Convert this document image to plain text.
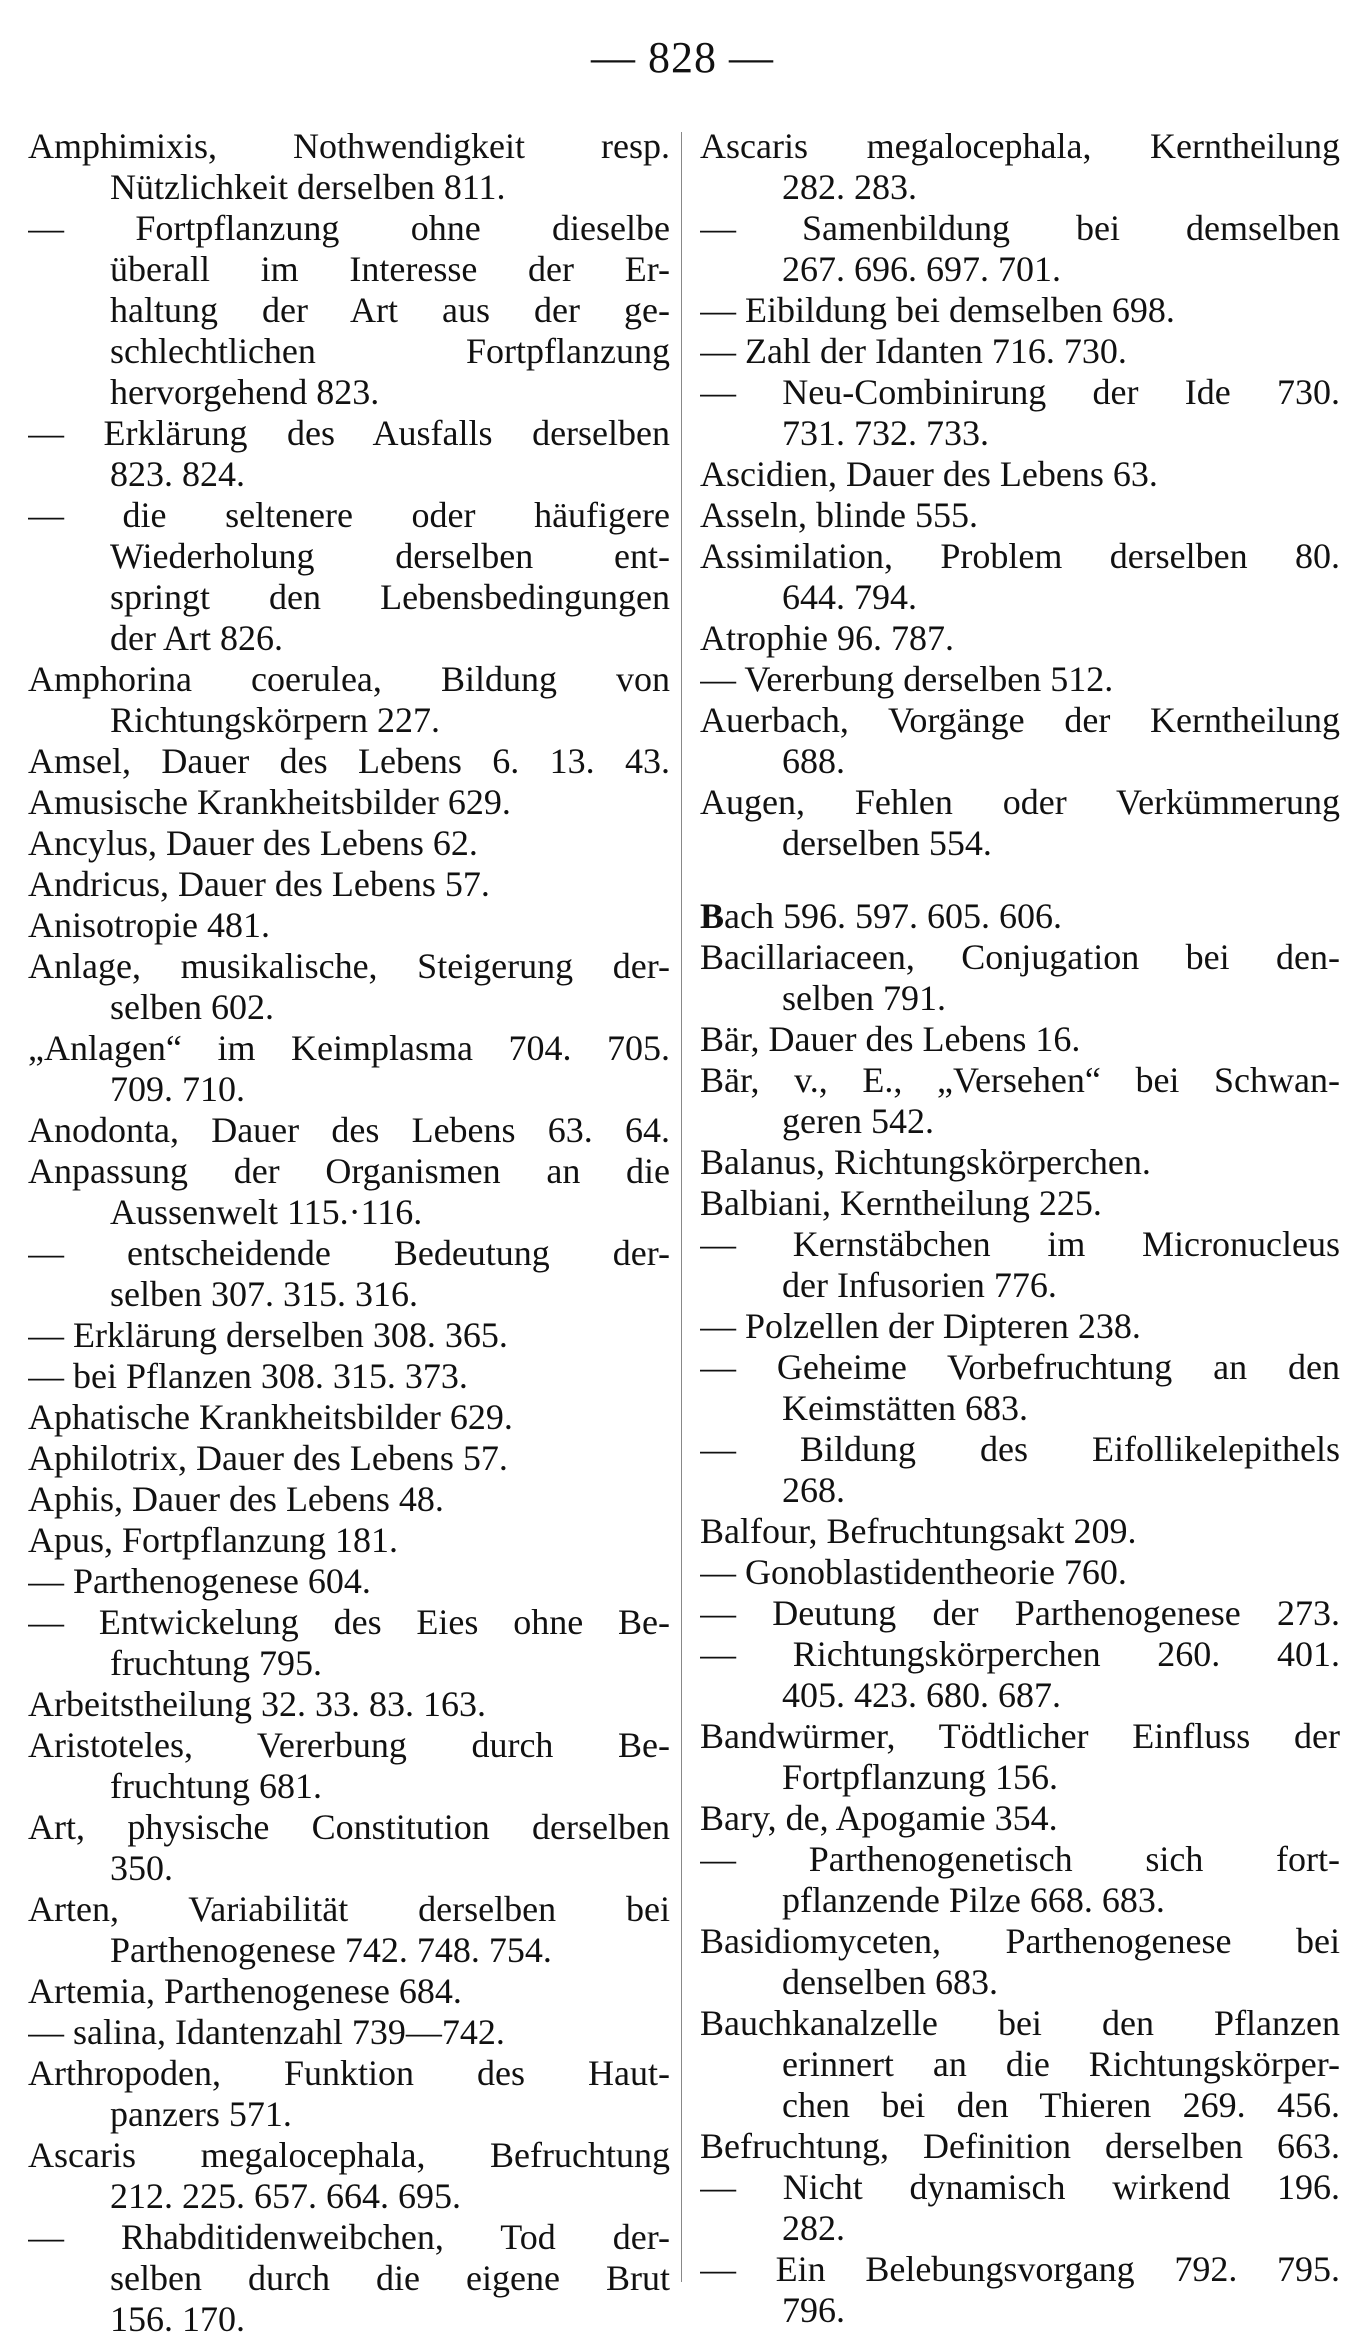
— 828 —
Amphimixis, Nothwendigkeit resp.
Nützlichkeit derselben 811.
— Fortpflanzung ohne dieselbe
überall im Interesse der Er-
haltung der Art aus der ge-
schlechtlichen Fortpflanzung
hervorgehend 823.
— Erklärung des Ausfalls derselben
823. 824.
— die seltenere oder häufigere
Wiederholung derselben ent-
springt den Lebensbedingungen
der Art 826.
Amphorina coerulea, Bildung von
Richtungskörpern 227.
Amsel, Dauer des Lebens 6. 13. 43.
Amusische Krankheitsbilder 629.
Ancylus, Dauer des Lebens 62.
Andricus, Dauer des Lebens 57.
Anisotropie 481.
Anlage, musikalische, Steigerung der-
selben 602.
„Anlagen“ im Keimplasma 704. 705.
709. 710.
Anodonta, Dauer des Lebens 63. 64.
Anpassung der Organismen an die
Aussenwelt 115.·116.
— entscheidende Bedeutung der-
selben 307. 315. 316.
— Erklärung derselben 308. 365.
— bei Pflanzen 308. 315. 373.
Aphatische Krankheitsbilder 629.
Aphilotrix, Dauer des Lebens 57.
Aphis, Dauer des Lebens 48.
Apus, Fortpflanzung 181.
— Parthenogenese 604.
— Entwickelung des Eies ohne Be-
fruchtung 795.
Arbeitstheilung 32. 33. 83. 163.
Aristoteles, Vererbung durch Be-
fruchtung 681.
Art, physische Constitution derselben
350.
Arten, Variabilität derselben bei
Parthenogenese 742. 748. 754.
Artemia, Parthenogenese 684.
— salina, Idantenzahl 739—742.
Arthropoden, Funktion des Haut-
panzers 571.
Ascaris megalocephala, Befruchtung
212. 225. 657. 664. 695.
— Rhabditidenweibchen, Tod der-
selben durch die eigene Brut
156. 170.
Ascaris megalocephala, Kerntheilung
282. 283.
— Samenbildung bei demselben
267. 696. 697. 701.
— Eibildung bei demselben 698.
— Zahl der Idanten 716. 730.
— Neu-Combinirung der Ide 730.
731. 732. 733.
Ascidien, Dauer des Lebens 63.
Asseln, blinde 555.
Assimilation, Problem derselben 80.
644. 794.
Atrophie 96. 787.
— Vererbung derselben 512.
Auerbach, Vorgänge der Kerntheilung
688.
Augen, Fehlen oder Verkümmerung
derselben 554.
Bach 596. 597. 605. 606.
Bacillariaceen, Conjugation bei den-
selben 791.
Bär, Dauer des Lebens 16.
Bär, v., E., „Versehen“ bei Schwan-
geren 542.
Balanus, Richtungskörperchen.
Balbiani, Kerntheilung 225.
— Kernstäbchen im Micronucleus
der Infusorien 776.
— Polzellen der Dipteren 238.
— Geheime Vorbefruchtung an den
Keimstätten 683.
— Bildung des Eifollikelepithels
268.
Balfour, Befruchtungsakt 209.
— Gonoblastidentheorie 760.
— Deutung der Parthenogenese 273.
— Richtungskörperchen 260. 401.
405. 423. 680. 687.
Bandwürmer, Tödtlicher Einfluss der
Fortpflanzung 156.
Bary, de, Apogamie 354.
— Parthenogenetisch sich fort-
pflanzende Pilze 668. 683.
Basidiomyceten, Parthenogenese bei
denselben 683.
Bauchkanalzelle bei den Pflanzen
erinnert an die Richtungskörper-
chen bei den Thieren 269. 456.
Befruchtung, Definition derselben 663.
— Nicht dynamisch wirkend 196.
282.
— Ein Belebungsvorgang 792. 795.
796.
